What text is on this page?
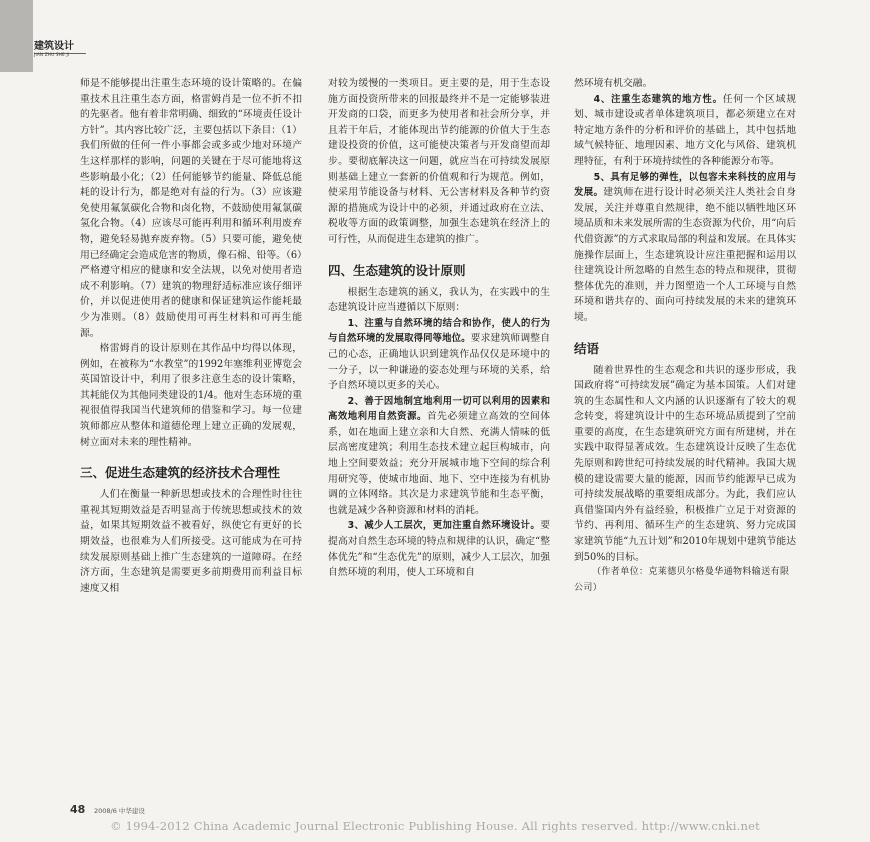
建筑设计
JIAN ZHU SHE JI

师是不能够提出注重生态环境的设计策略的。在偏重技术且注重生态方面，格雷姆肖是一位不折不扣的先驱者。他有着非常明确、细致的“环境责任设计方针”。其内容比较广泛，主要包括以下条目：（1）我们所做的任何一件小事都会或多或少地对环境产生这样那样的影响，问题的关键在于尽可能地将这些影响最小化；（2）任何能够节约能量、降低总能耗的设计行为，都是绝对有益的行为。（3）应该避免使用氟氯碳化合物和卤化物，不鼓励使用氟氯碳氢化合物。（4）应该尽可能再利用和循环利用废弃物，避免轻易抛弃废弃物。（5）只要可能，避免使用已经确定会造成危害的物质，像石棉、铅等。（6）严格遵守相应的健康和安全法规，以免对使用者造成不利影响。（7）建筑的物理舒适标准应该仔细评价，并以促进使用者的健康和保证建筑运作能耗最少为准则。（8）鼓励使用可再生材料和可再生能源。

格雷姆肖的设计原则在其作品中均得以体现，例如，在被称为“水教堂”的1992年塞维利亚博览会英国馆设计中，利用了很多注意生态的设计策略，其耗能仅为其他同类建设的1/4。他对生态环境的重视很值得我国当代建筑师的借鉴和学习。每一位建筑师都应从整体和道德伦理上建立正确的发展观，树立面对未来的理性精神。

三、促进生态建筑的经济技术合理性

人们在衡量一种新思想或技术的合理性时往往重视其短期效益是否明显高于传统思想或技术的效益，如果其短期效益不被看好，纵使它有更好的长期效益，也很难为人们所接受。这可能成为在可持续发展原则基础上推广生态建筑的一道障碍。在经济方面，生态建筑是需要更多前期费用而利益目标速度又相

对较为缓慢的一类项目。更主要的是，用于生态设施方面投资所带来的回报最终并不是一定能够装进开发商的口袋，而更多为使用者和社会所分享，并且若干年后，才能体现出节约能源的价值大于生态建设投资的价值，这可能使决策者与开发商望而却步。要彻底解决这一问题，就应当在可持续发展原则基础上建立一套新的价值观和行为规范。例如，使采用节能设备与材料、无公害材料及各种节约资源的措施成为设计中的必须，并通过政府在立法、税收等方面的政策调整，加强生态建筑在经济上的可行性，从而促进生态建筑的推广。

四、生态建筑的设计原则

根据生态建筑的涵义，我认为，在实践中的生态建筑设计应当遵循以下原则：

1、注重与自然环境的结合和协作，使人的行为与自然环境的发展取得同等地位。要求建筑师调整自己的心态，正确地认识到建筑作品仅仅是环境中的一分子，以一种谦逊的姿态处理与环境的关系，给予自然环境以更多的关心。

2、善于因地制宜地利用一切可以利用的因素和高效地利用自然资源。首先必须建立高效的空间体系，如在地面上建立亲和大自然、充满人情味的低层高密度建筑；利用生态技术建立起巨构城市，向地上空间要效益；充分开展城市地下空间的综合利用研究等，使城市地面、地下、空中连接为有机协调的立体网络。其次是力求建筑节能和生态平衡，也就是减少各种资源和材料的消耗。

3、减少人工层次，更加注重自然环境设计。要提高对自然生态环境的特点和规律的认识，确定“整体优先”和“生态优先”的原则，减少人工层次，加强自然环境的利用，使人工环境和自

然环境有机交融。

4、注重生态建筑的地方性。任何一个区域规划、城市建设或者单体建筑项目，都必须建立在对特定地方条件的分析和评价的基础上，其中包括地域气候特征、地理因素、地方文化与风俗、建筑机理特征，有利于环境持续性的各种能源分布等。

5、具有足够的弹性，以包容未来科技的应用与发展。建筑师在进行设计时必须关注人类社会自身发展，关注并尊重自然规律，绝不能以牺牲地区环境品质和未来发展所需的生态资源为代价，用“向后代借资源”的方式求取局部的利益和发展。在具体实施操作层面上，生态建筑设计应注重把握和运用以往建筑设计所忽略的自然生态的特点和规律，贯彻整体优先的准则，并力图塑造一个人工环境与自然环境和谐共存的、面向可持续发展的未来的建筑环境。

结语

随着世界性的生态观念和共识的逐步形成，我国政府将“可持续发展”确定为基本国策。人们对建筑的生态属性和人文内涵的认识逐渐有了较大的观念转变，将建筑设计中的生态环境品质提到了空前重要的高度，在生态建筑研究方面有所建树，并在实践中取得显著成效。生态建筑设计反映了生态优先原则和跨世纪可持续发展的时代精神。我国大规模的建设需要大量的能源，因而节约能源早已成为可持续发展战略的重要组成部分。为此，我们应认真借鉴国内外有益经验，积极推广立足于对资源的节约、再利用、循环生产的生态建筑、努力完成国家建筑节能“九五计划”和2010年规划中建筑节能达到50%的目标。

（作者单位：克莱德贝尔格曼华通物料输送有限公司）

48 2008/6 中华建设
© 1994-2012 China Academic Journal Electronic Publishing House. All rights reserved. http://www.cnki.net
